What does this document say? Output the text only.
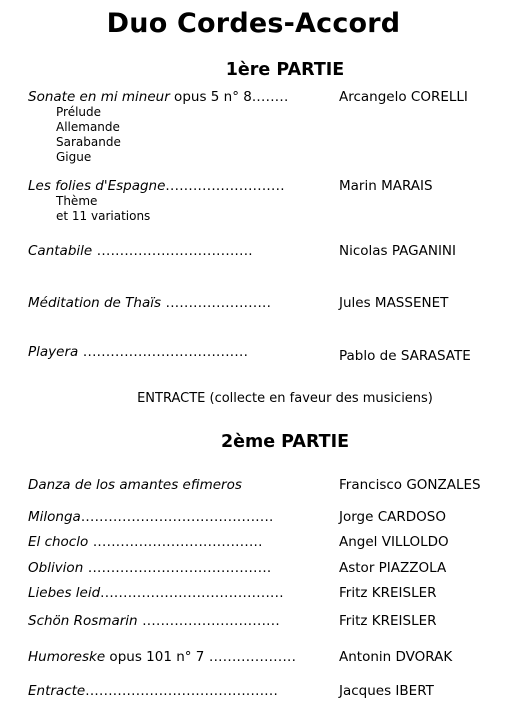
Duo Cordes-Accord
1ère PARTIE
Sonate en mi mineur opus 5 n° 8........	Arcangelo CORELLI
Prélude
Allemande
Sarabande
Gigue
Les folies d'Espagne..........................	Marin MARAIS
Thème
et 11 variations
Cantabile ..................................	Nicolas PAGANINI
Méditation de Thaïs .......................	Jules MASSENET
Playera ....................................	Pablo de SARASATE
ENTRACTE (collecte en faveur des musiciens)
2ème PARTIE
Danza de los amantes efimeros	Francisco GONZALES
Milonga..........................................	Jorge CARDOSO
El choclo .....................................	Angel VILLOLDO
Oblivion ........................................	Astor PIAZZOLA
Liebes leid........................................	Fritz KREISLER
Schön Rosmarin ..............................	Fritz KREISLER
Humoreske opus 101 n° 7 ...................	Antonin DVORAK
Entracte..........................................	Jacques IBERT
